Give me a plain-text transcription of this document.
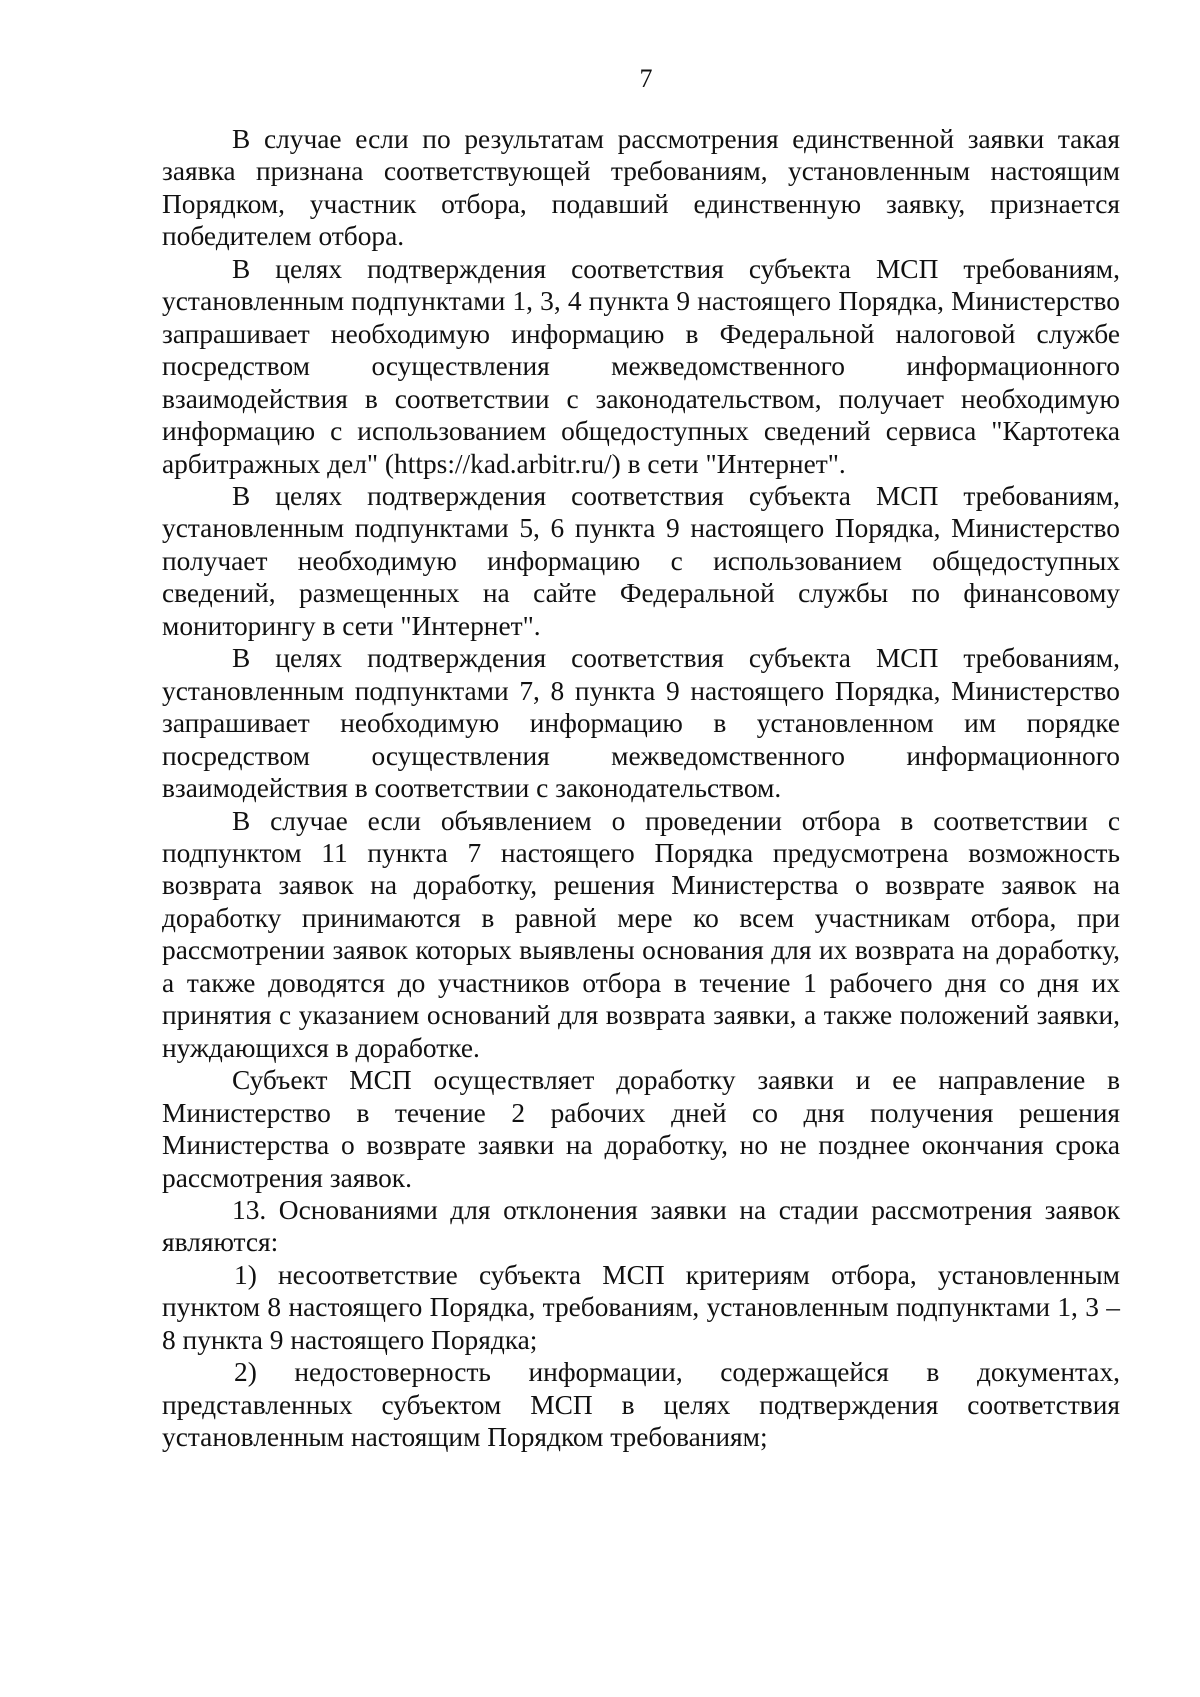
7

В случае если по результатам рассмотрения единственной заявки такая заявка признана соответствующей требованиям, установленным настоящим Порядком, участник отбора, подавший единственную заявку, признается победителем отбора.

В целях подтверждения соответствия субъекта МСП требованиям, установленным подпунктами 1, 3, 4 пункта 9 настоящего Порядка, Министерство запрашивает необходимую информацию в Федеральной налоговой службе посредством осуществления межведомственного информационного взаимодействия в соответствии с законодательством, получает необходимую информацию с использованием общедоступных сведений сервиса "Картотека арбитражных дел" (https://kad.arbitr.ru/) в сети "Интернет".

В целях подтверждения соответствия субъекта МСП требованиям, установленным подпунктами 5, 6 пункта 9 настоящего Порядка, Министерство получает необходимую информацию с использованием общедоступных сведений, размещенных на сайте Федеральной службы по финансовому мониторингу в сети "Интернет".

В целях подтверждения соответствия субъекта МСП требованиям, установленным подпунктами 7, 8 пункта 9 настоящего Порядка, Министерство запрашивает необходимую информацию в установленном им порядке посредством осуществления межведомственного информационного взаимодействия в соответствии с законодательством.

В случае если объявлением о проведении отбора в соответствии с подпунктом 11 пункта 7 настоящего Порядка предусмотрена возможность возврата заявок на доработку, решения Министерства о возврате заявок на доработку принимаются в равной мере ко всем участникам отбора, при рассмотрении заявок которых выявлены основания для их возврата на доработку, а также доводятся до участников отбора в течение 1 рабочего дня со дня их принятия с указанием оснований для возврата заявки, а также положений заявки, нуждающихся в доработке.

Субъект МСП осуществляет доработку заявки и ее направление в Министерство в течение 2 рабочих дней со дня получения решения Министерства о возврате заявки на доработку, но не позднее окончания срока рассмотрения заявок.

13. Основаниями для отклонения заявки на стадии рассмотрения заявок являются:

1) несоответствие субъекта МСП критериям отбора, установленным пунктом 8 настоящего Порядка, требованиям, установленным подпунктами 1, 3 – 8 пункта 9 настоящего Порядка;

2) недостоверность информации, содержащейся в документах, представленных субъектом МСП в целях подтверждения соответствия установленным настоящим Порядком требованиям;
